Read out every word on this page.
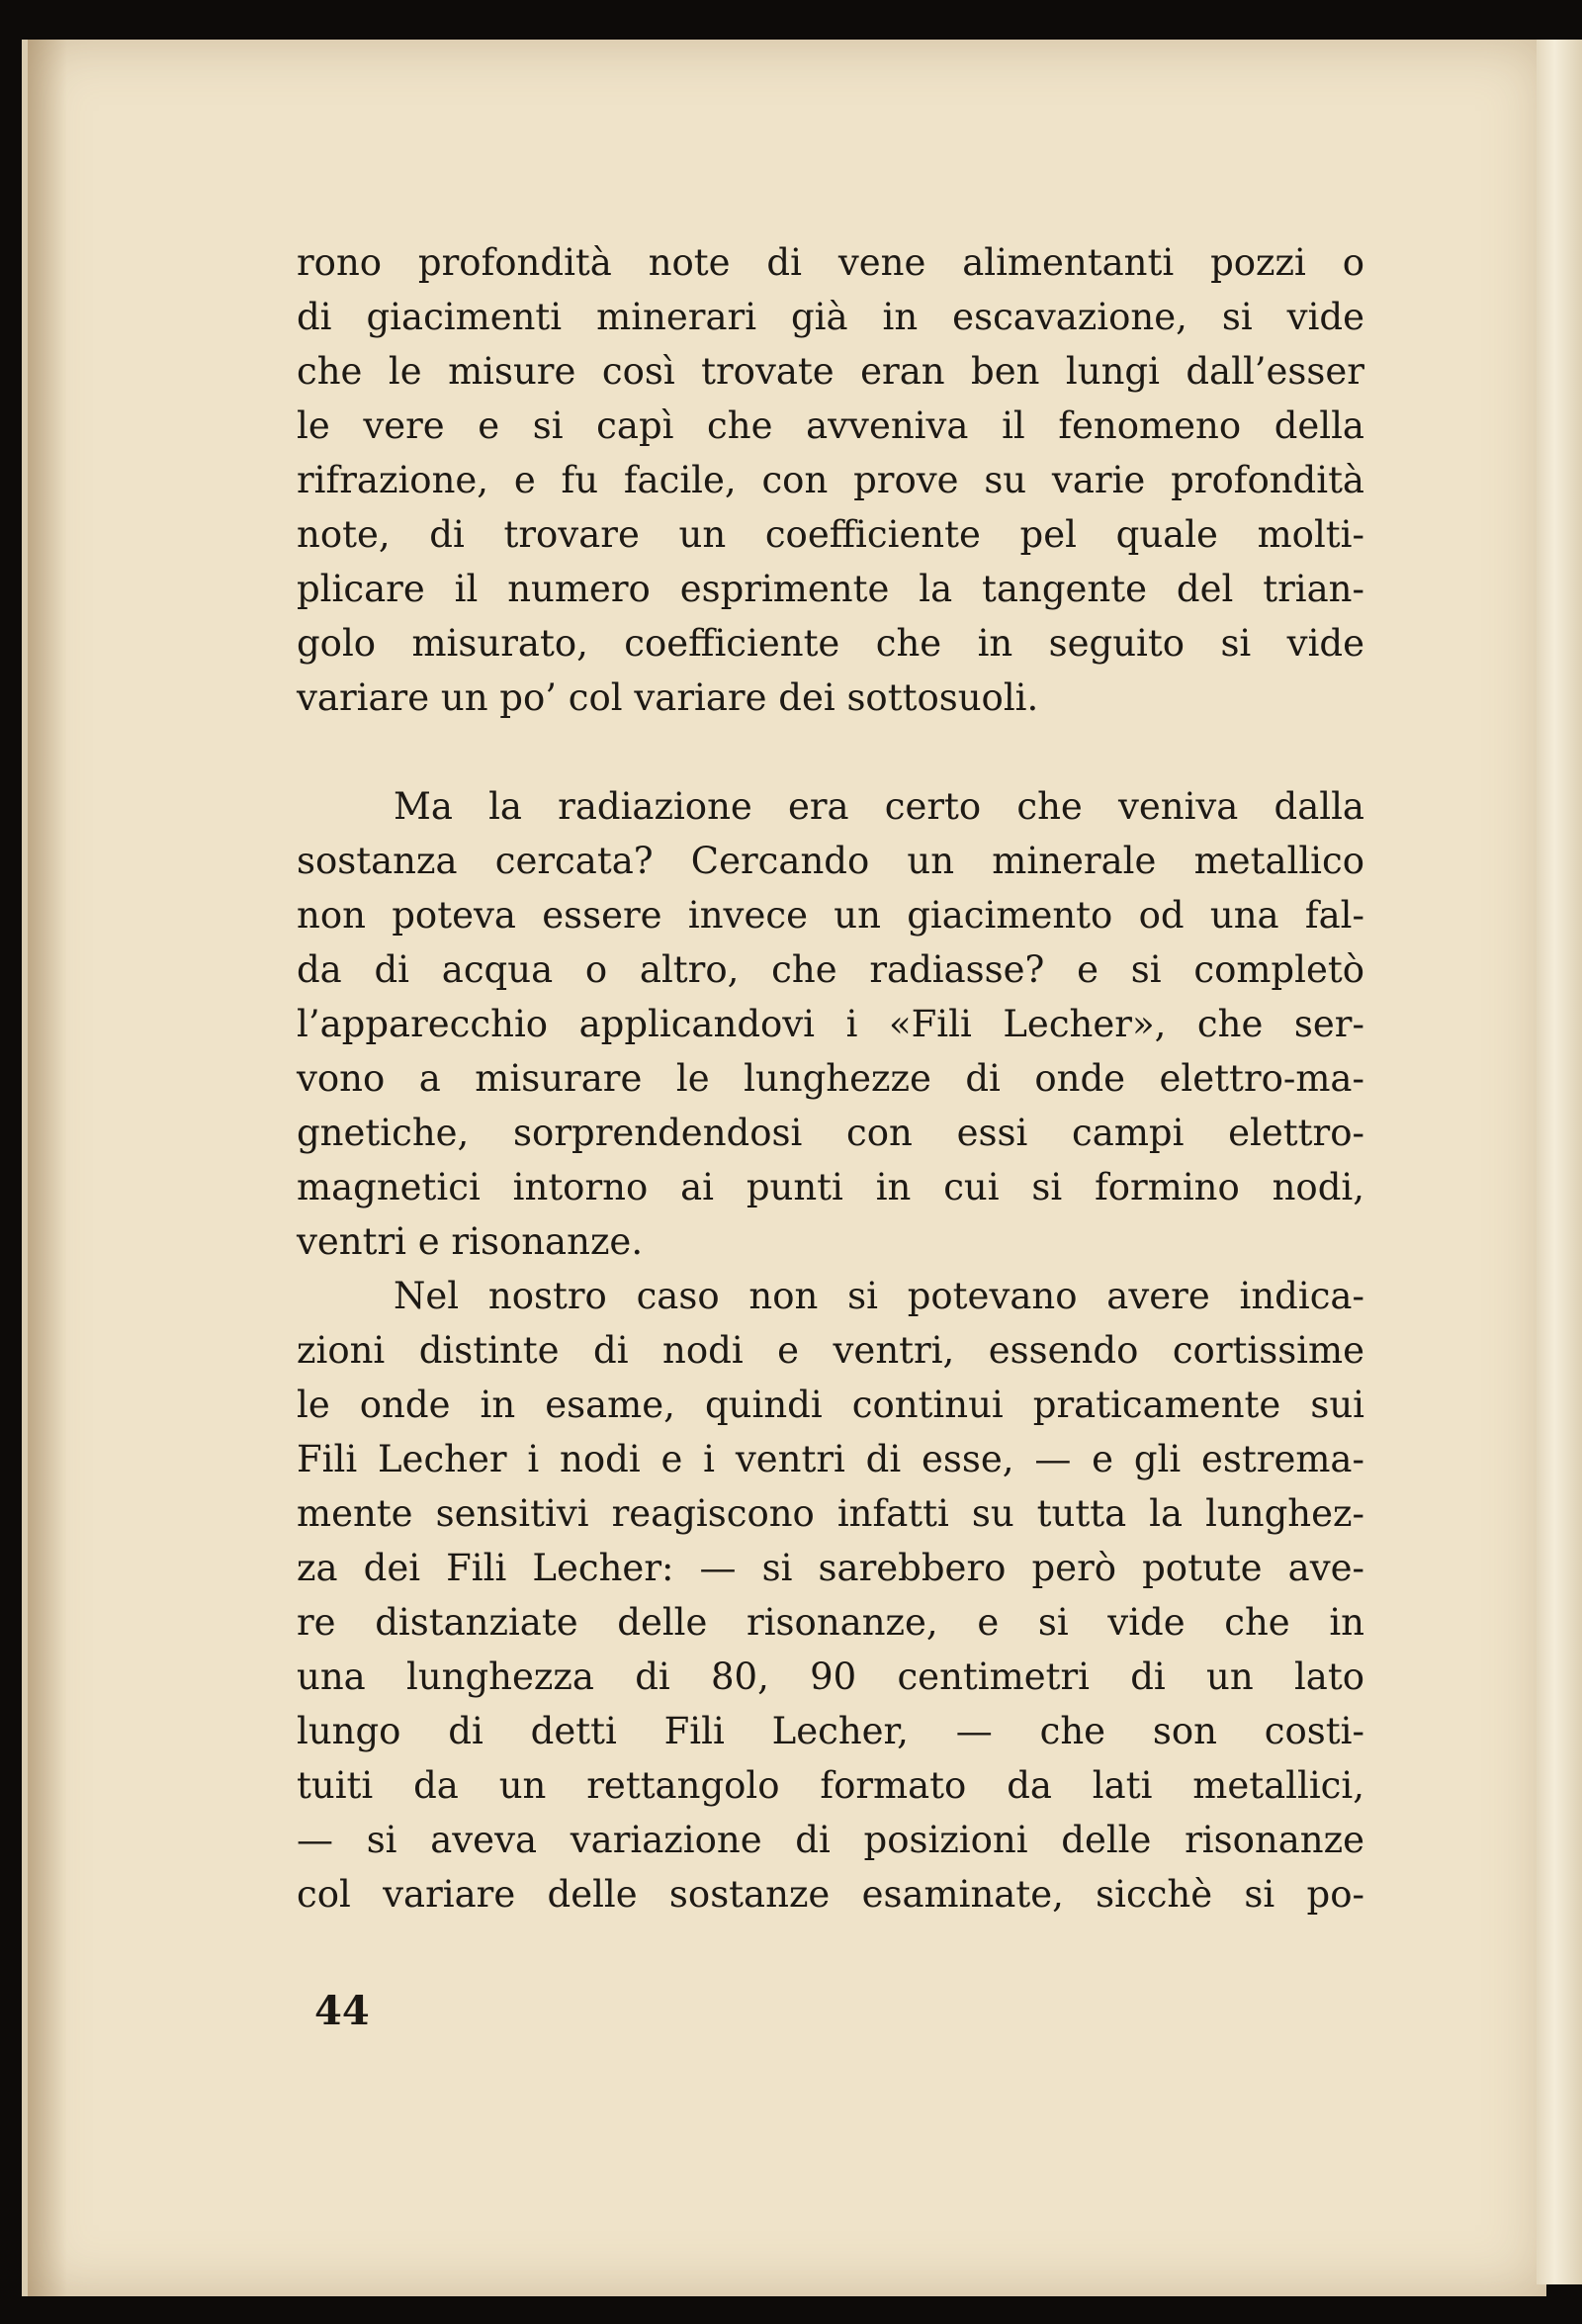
rono profondità note di vene alimentanti pozzi o
di giacimenti minerari già in escavazione, si vide
che le misure così trovate eran ben lungi dall’esser
le vere e si capì che avveniva il fenomeno della
rifrazione, e fu facile, con prove su varie profondità
note, di trovare un coefficiente pel quale molti-
plicare il numero esprimente la tangente del trian-
golo misurato, coefficiente che in seguito si vide
variare un po’ col variare dei sottosuoli.
Ma la radiazione era certo che veniva dalla
sostanza cercata? Cercando un minerale metallico
non poteva essere invece un giacimento od una fal-
da di acqua o altro, che radiasse? e si completò
l’apparecchio applicandovi i «Fili Lecher», che ser-
vono a misurare le lunghezze di onde elettro-ma-
gnetiche, sorprendendosi con essi campi elettro-
magnetici intorno ai punti in cui si formino nodi,
ventri e risonanze.
Nel nostro caso non si potevano avere indica-
zioni distinte di nodi e ventri, essendo cortissime
le onde in esame, quindi continui praticamente sui
Fili Lecher i nodi e i ventri di esse, — e gli estrema-
mente sensitivi reagiscono infatti su tutta la lunghez-
za dei Fili Lecher: — si sarebbero però potute ave-
re distanziate delle risonanze, e si vide che in
una lunghezza di 80, 90 centimetri di un lato
lungo di detti Fili Lecher, — che son costi-
tuiti da un rettangolo formato da lati metallici,
— si aveva variazione di posizioni delle risonanze
col variare delle sostanze esaminate, sicchè si po-
44
